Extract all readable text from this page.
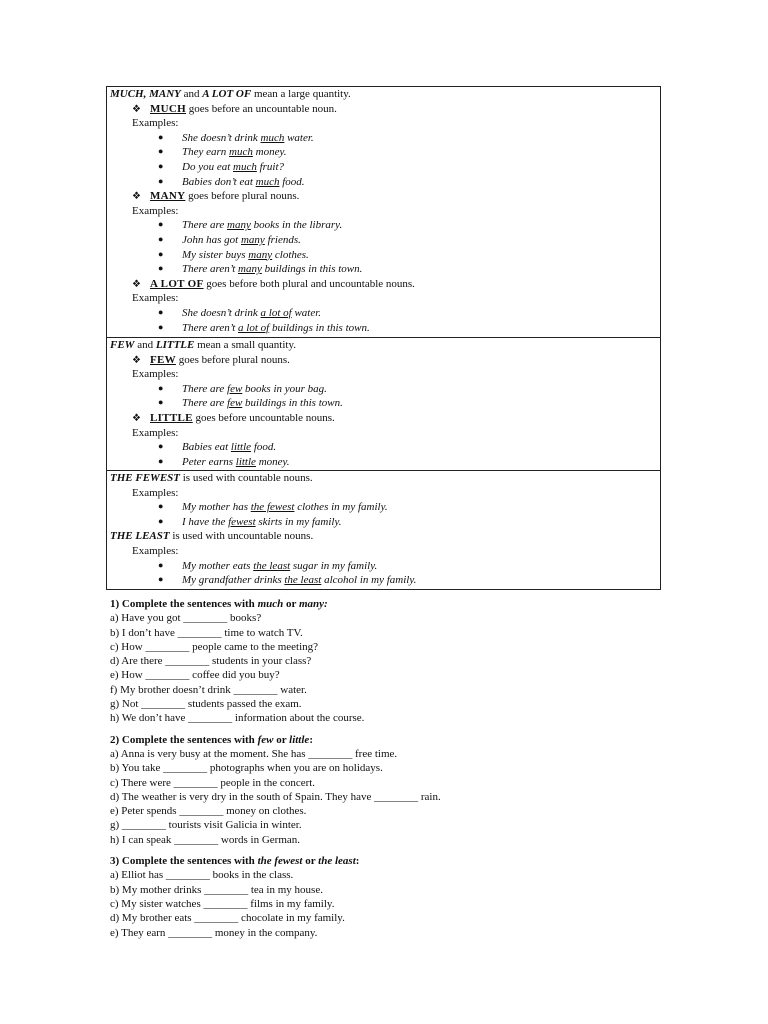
MUCH, MANY and A LOT OF mean a large quantity.
❖ MUCH goes before an uncountable noun.
Examples:
● She doesn’t drink much water.
● They earn much money.
● Do you eat much fruit?
● Babies don’t eat much food.
❖ MANY goes before plural nouns.
Examples:
● There are many books in the library.
● John has got many friends.
● My sister buys many clothes.
● There aren’t many buildings in this town.
❖ A LOT OF goes before both plural and uncountable nouns.
Examples:
● She doesn’t drink a lot of water.
● There aren’t a lot of buildings in this town.

FEW and LITTLE mean a small quantity.
❖ FEW goes before plural nouns.
Examples:
● There are few books in your bag.
● There are few buildings in this town.
❖ LITTLE goes before uncountable nouns.
Examples:
● Babies eat little food.
● Peter earns little money.

THE FEWEST is used with countable nouns.
Examples:
● My mother has the fewest clothes in my family.
● I have the fewest skirts in my family.
THE LEAST is used with uncountable nouns.
Examples:
● My mother eats the least sugar in my family.
● My grandfather drinks the least alcohol in my family.
1) Complete the sentences with much or many:
a) Have you got ________ books?
b) I don’t have ________ time to watch TV.
c) How ________ people came to the meeting?
d) Are there ________ students in your class?
e) How ________ coffee did you buy?
f) My brother doesn’t drink ________ water.
g) Not ________ students passed the exam.
h) We don’t have ________ information about the course.
2) Complete the sentences with few or little:
a) Anna is very busy at the moment. She has ________ free time.
b) You take ________ photographs when you are on holidays.
c) There were ________ people in the concert.
d) The weather is very dry in the south of Spain. They have ________ rain.
e) Peter spends ________ money on clothes.
g) ________ tourists visit Galicia in winter.
h) I can speak ________ words in German.
3) Complete the sentences with the fewest or the least:
a) Elliot has ________ books in the class.
b) My mother drinks ________ tea in my house.
c) My sister watches ________ films in my family.
d) My brother eats ________ chocolate in my family.
e) They earn ________ money in the company.
